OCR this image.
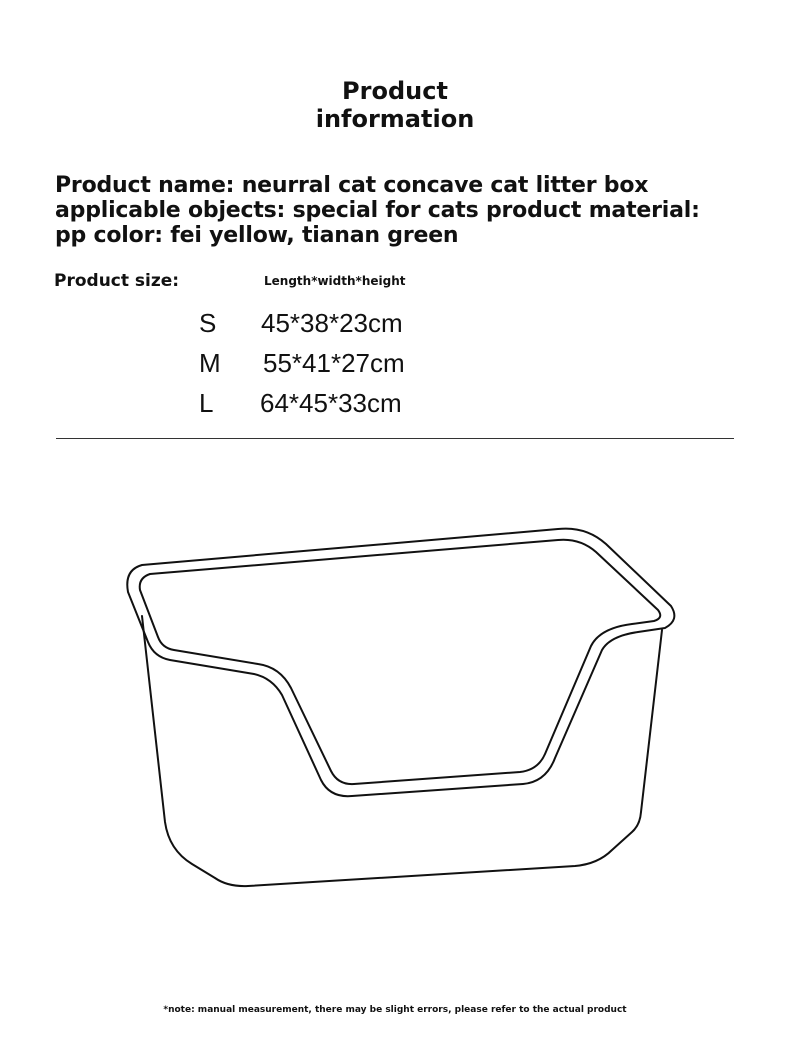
Product
information
Product name: neurral cat concave cat litter box
applicable objects: special for cats product material:
pp color: fei yellow, tianan green
Product size:	Length*width*height
S 45*38*23cm
M 55*41*27cm
L 64*45*33cm
*note: manual measurement, there may be slight errors, please refer to the actual product
